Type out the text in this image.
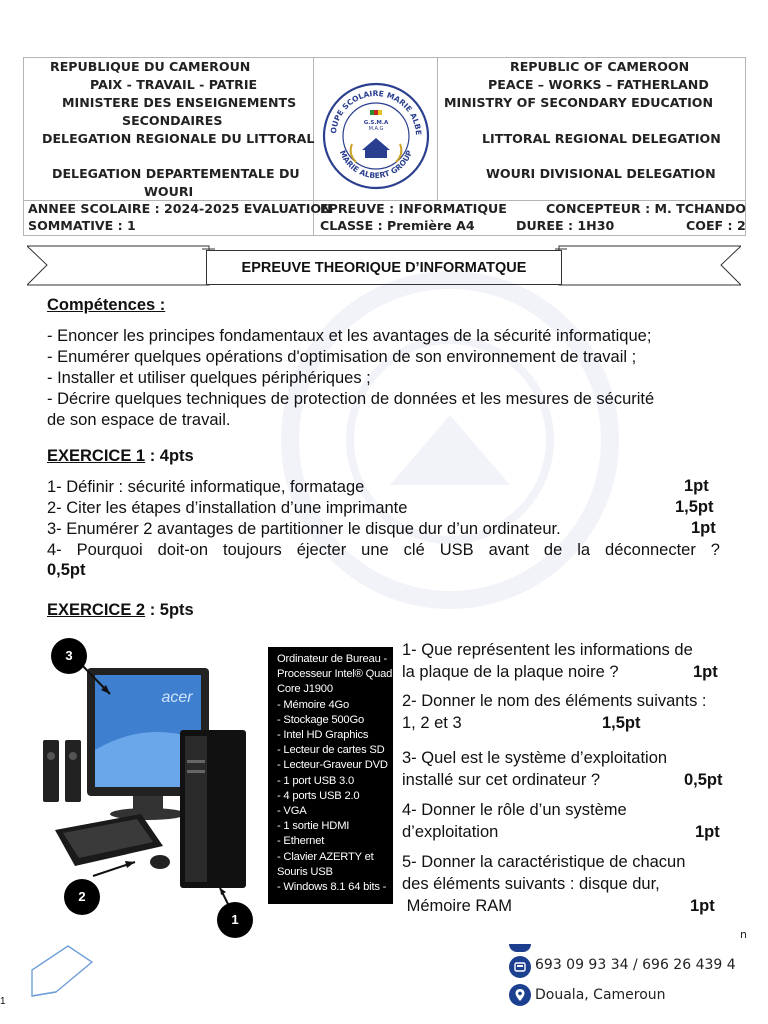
REPUBLIQUE DU CAMEROUN
PAIX - TRAVAIL - PATRIE
MINISTERE DES ENSEIGNEMENTS
SECONDAIRES
DELEGATION REGIONALE DU LITTORAL
DELEGATION DEPARTEMENTALE DU
WOURI
OUPE SCOLAIRE MARIE ALBE
MARIE ALBERT GROUP
G.S.M.A
M.A.G
REPUBLIC OF CAMEROON
PEACE – WORKS – FATHERLAND
MINISTRY OF SECONDARY EDUCATION
LITTORAL REGIONAL DELEGATION
WOURI DIVISIONAL DELEGATION
ANNEE SCOLAIRE : 2024-2025 EVALUATION
SOMMATIVE : 1
EPREUVE : INFORMATIQUE	CONCEPTEUR : M. TCHANDO
CLASSE : Première A4	DUREE : 1H30	COEF : 2
EPREUVE THEORIQUE D’INFORMATQUE
Compétences :
- Enoncer les principes fondamentaux et les avantages de la sécurité informatique;
- Enumérer quelques opérations d'optimisation de son environnement de travail ;
- Installer et utiliser quelques périphériques ;
- Décrire quelques techniques de protection de données et les mesures de sécurité
de son espace de travail.
EXERCICE 1 : 4pts
1- Définir : sécurité informatique, formatage	1pt
2- Citer les étapes d’installation d’une imprimante	1,5pt
3- Enumérer 2 avantages de partitionner le disque dur d’un ordinateur.	1pt
4- Pourquoi doit-on toujours éjecter une clé USB avant de la déconnecter ?
0,5pt
EXERCICE 2 : 5pts
acer
3
2
1
Ordinateur de Bureau -
Processeur Intel® Quad
Core J1900
- Mémoire 4Go
- Stockage 500Go
- Intel HD Graphics
- Lecteur de cartes SD
- Lecteur-Graveur DVD
- 1 port USB 3.0
- 4 ports USB 2.0
- VGA
- 1 sortie HDMI
- Ethernet
- Clavier AZERTY et
Souris USB
- Windows 8.1 64 bits -
1- Que représentent les informations de
la plaque de la plaque noire ?	1pt
2- Donner le nom des éléments suivants :
1, 2 et 3	1,5pt
3- Quel est le système d’exploitation
installé sur cet ordinateur ?	0,5pt
4- Donner le rôle d’un système
d’exploitation	1pt
5- Donner la caractéristique de chacun
des éléments suivants : disque dur,
Mémoire RAM	1pt
n
693 09 93 34 / 696 26 439 4
Douala, Cameroun
1
